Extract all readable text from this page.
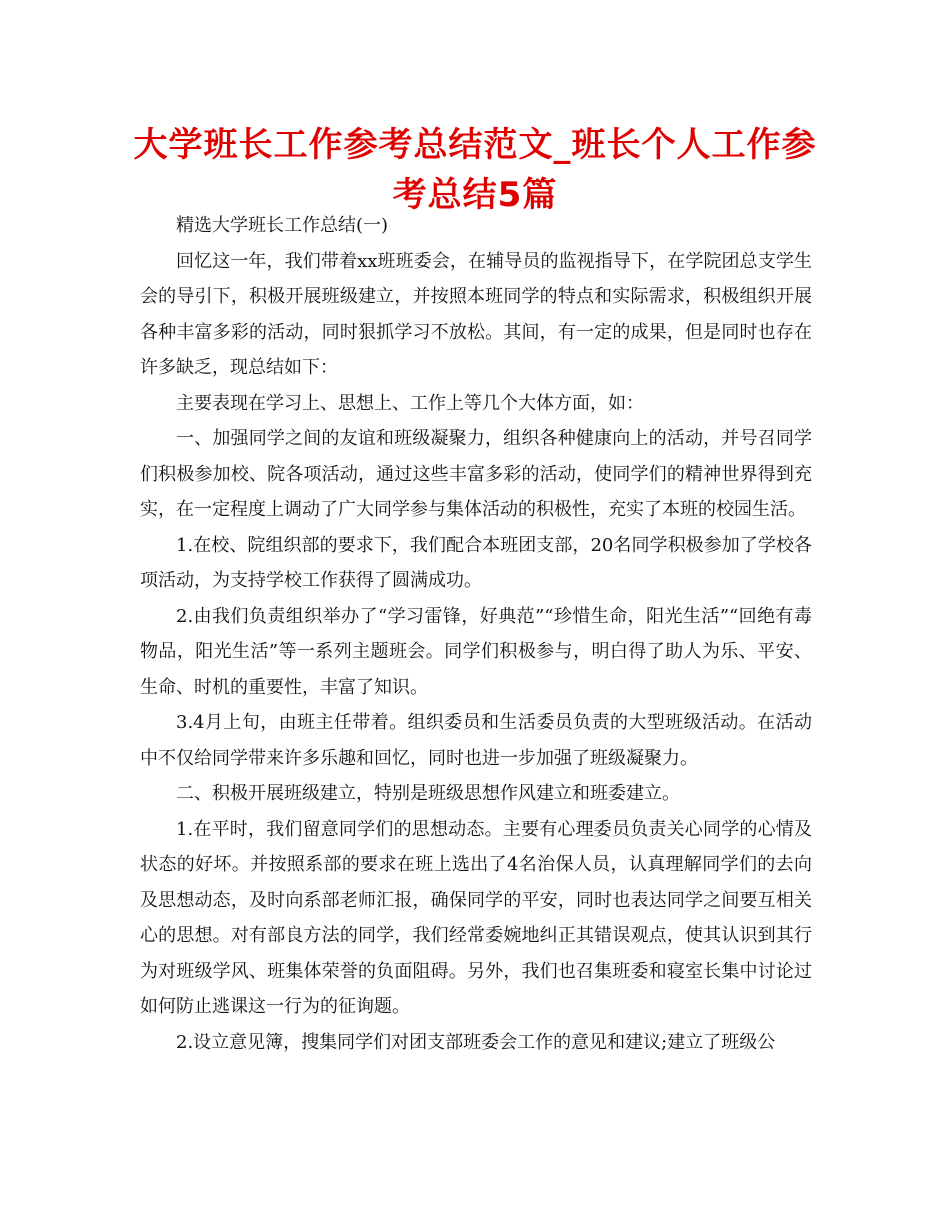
大学班长工作参考总结范文_班长个人工作参考总结5篇

精选大学班长工作总结(一)

回忆这一年，我们带着xx班班委会，在辅导员的监视指导下，在学院团总支学生会的导引下，积极开展班级建立，并按照本班同学的特点和实际需求，积极组织开展各种丰富多彩的活动，同时狠抓学习不放松。其间，有一定的成果，但是同时也存在许多缺乏，现总结如下：

主要表现在学习上、思想上、工作上等几个大体方面，如：

一、加强同学之间的友谊和班级凝聚力，组织各种健康向上的活动，并号召同学们积极参加校、院各项活动，通过这些丰富多彩的活动，使同学们的精神世界得到充实，在一定程度上调动了广大同学参与集体活动的积极性，充实了本班的校园生活。

1.在校、院组织部的要求下，我们配合本班团支部，20名同学积极参加了学校各项活动，为支持学校工作获得了圆满成功。

2.由我们负责组织举办了“学习雷锋，好典范”“珍惜生命，阳光生活”“回绝有毒物品，阳光生活”等一系列主题班会。同学们积极参与，明白得了助人为乐、平安、生命、时机的重要性，丰富了知识。

3.4月上旬，由班主任带着。组织委员和生活委员负责的大型班级活动。在活动中不仅给同学带来许多乐趣和回忆，同时也进一步加强了班级凝聚力。

二、积极开展班级建立，特别是班级思想作风建立和班委建立。

1.在平时，我们留意同学们的思想动态。主要有心理委员负责关心同学的心情及状态的好坏。并按照系部的要求在班上选出了4名治保人员，认真理解同学们的去向及思想动态，及时向系部老师汇报，确保同学的平安，同时也表达同学之间要互相关心的思想。对有部良方法的同学，我们经常委婉地纠正其错误观点，使其认识到其行为对班级学风、班集体荣誉的负面阻碍。另外，我们也召集班委和寝室长集中讨论过如何防止逃课这一行为的征询题。

2.设立意见簿，搜集同学们对团支部班委会工作的意见和建议;建立了班级公
